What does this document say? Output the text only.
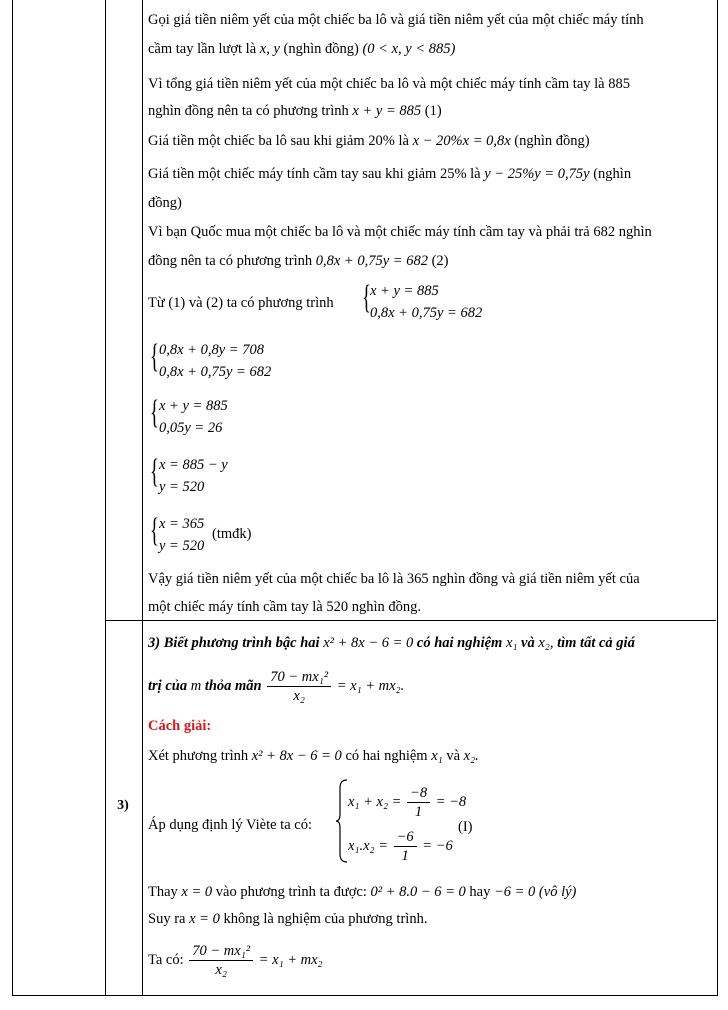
Gọi giá tiền niêm yết của một chiếc ba lô và giá tiền niêm yết của một chiếc máy tính
cầm tay lần lượt là x, y (nghìn đồng) (0 < x, y < 885)
Vì tổng giá tiền niêm yết của một chiếc ba lô và một chiếc máy tính cầm tay là 885
nghìn đồng nên ta có phương trình x + y = 885 (1)
Giá tiền một chiếc ba lô sau khi giảm 20% là x − 20%x = 0,8x (nghìn đồng)
Giá tiền một chiếc máy tính cầm tay sau khi giảm 25% là y − 25%y = 0,75y (nghìn
đồng)
Vì bạn Quốc mua một chiếc ba lô và một chiếc máy tính cầm tay và phải trả 682 nghìn
đồng nên ta có phương trình 0,8x + 0,75y = 682 (2)
Từ (1) và (2) ta có phương trình { x + y = 885
0,8x + 0,75y = 682
{ 0,8x + 0,8y = 708
0,8x + 0,75y = 682
{ x + y = 885
0,05y = 26
{ x = 885 − y
y = 520
{ x = 365
y = 520
(tmđk)
Vậy giá tiền niêm yết của một chiếc ba lô là 365 nghìn đồng và giá tiền niêm yết của
một chiếc máy tính cầm tay là 520 nghìn đồng.
3)
3) Biết phương trình bậc hai x² + 8x − 6 = 0 có hai nghiệm x₁ và x₂, tìm tất cả giá
trị của m thỏa mãn $\frac{\text{70 − mx₁²}}{\text{x₂}} = x_1 + mx_2$.
Cách giải:
Xét phương trình x² + 8x − 6 = 0 có hai nghiệm x₁ và x₂.
Áp dụng định lý Viète ta có:
$x_1 + x_2 = \frac{-8}{1} = -8$
$x_1.x_2 = \frac{-6}{1} = -6$
(I)
Thay x = 0 vào phương trình ta được: 0² + 8.0 − 6 = 0 hay −6 = 0 (vô lý)
Suy ra x = 0 không là nghiệm của phương trình.
Ta có: $\frac{\text{70 − mx₁²}}{\text{x₂}} = x_1 + mx_2$
